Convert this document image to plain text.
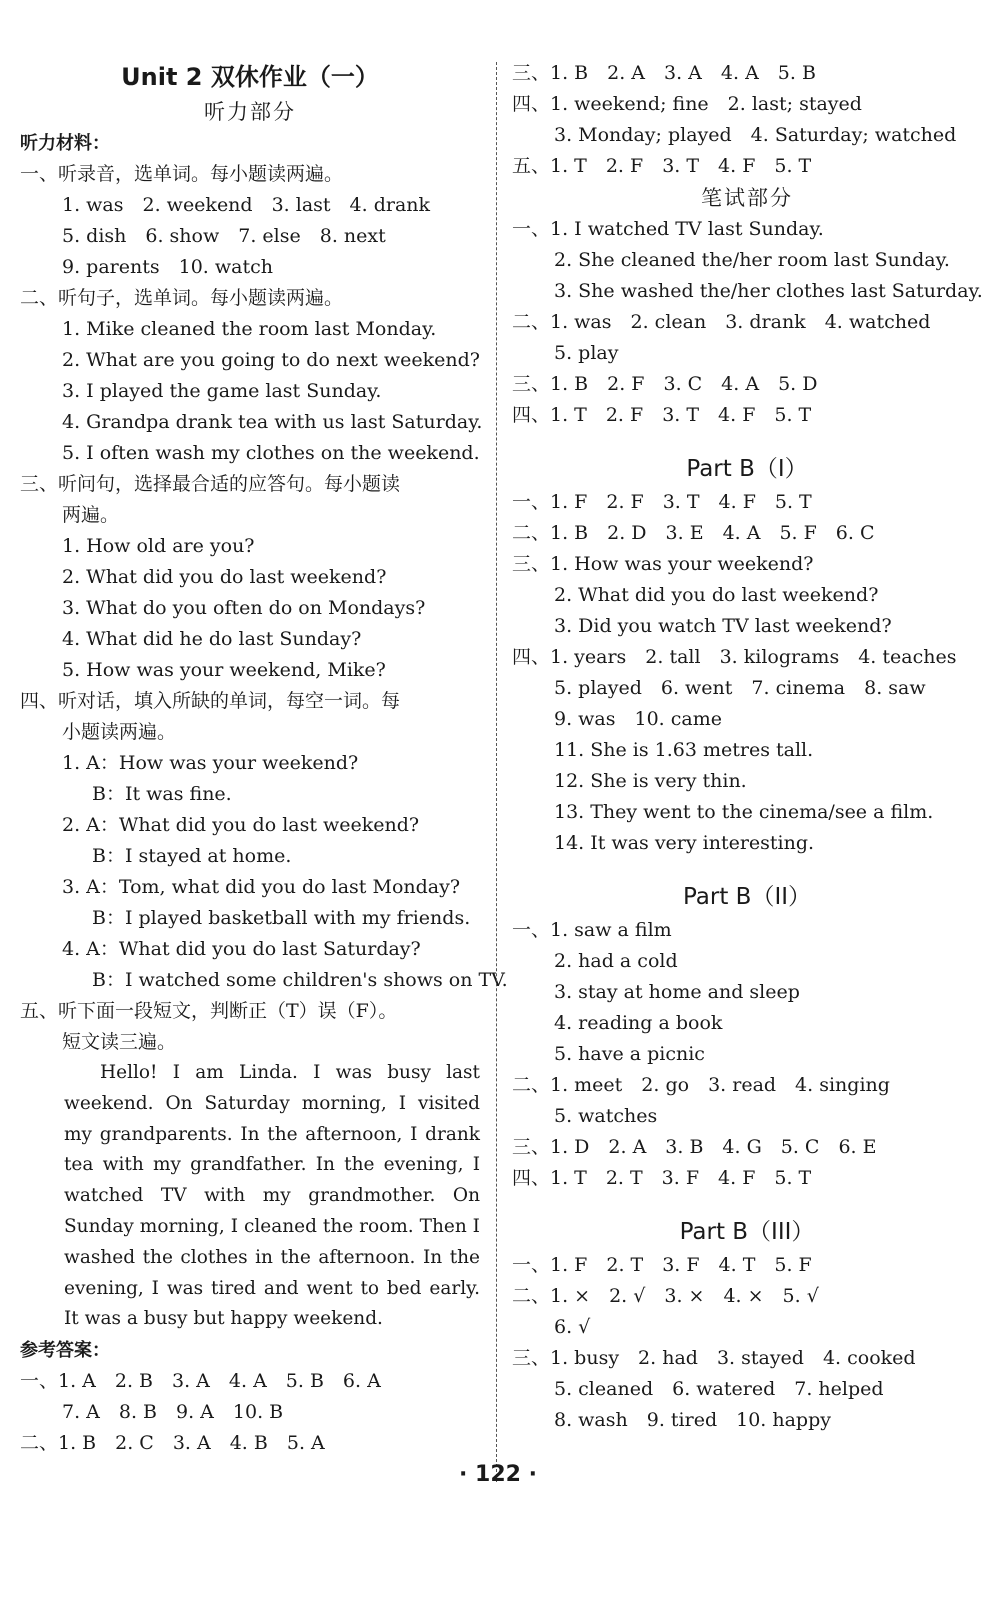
Unit 2 双休作业（一）
听力部分
听力材料：
一、听录音，选单词。每小题读两遍。
1. was　2. weekend　3. last　4. drank
5. dish　6. show　7. else　8. next
9. parents　10. watch
二、听句子，选单词。每小题读两遍。
1. Mike cleaned the room last Monday.
2. What are you going to do next weekend?
3. I played the game last Sunday.
4. Grandpa drank tea with us last Saturday.
5. I often wash my clothes on the weekend.
三、听问句，选择最合适的应答句。每小题读
两遍。
1. How old are you?
2. What did you do last weekend?
3. What do you often do on Mondays?
4. What did he do last Sunday?
5. How was your weekend, Mike?
四、听对话，填入所缺的单词，每空一词。每
小题读两遍。
1. A：How was your weekend?
B：It was fine.
2. A：What did you do last weekend?
B：I stayed at home.
3. A：Tom, what did you do last Monday?
B：I played basketball with my friends.
4. A：What did you do last Saturday?
B：I watched some children's shows on TV.
五、听下面一段短文，判断正（T）误（F）。
短文读三遍。
Hello! I am Linda. I was busy last weekend. On Saturday morning, I visited my grandparents. In the afternoon, I drank tea with my grandfather. In the evening, I watched TV with my grandmother. On Sunday morning, I cleaned the room. Then I washed the clothes in the afternoon. In the evening, I was tired and went to bed early. It was a busy but happy weekend.
参考答案：
一、1. A　2. B　3. A　4. A　5. B　6. A
7. A　8. B　9. A　10. B
二、1. B　2. C　3. A　4. B　5. A
三、1. B　2. A　3. A　4. A　5. B
四、1. weekend; fine　2. last; stayed
3. Monday; played　4. Saturday; watched
五、1. T　2. F　3. T　4. F　5. T
笔试部分
一、1. I watched TV last Sunday.
2. She cleaned the/her room last Sunday.
3. She washed the/her clothes last Saturday.
二、1. was　2. clean　3. drank　4. watched
5. play
三、1. B　2. F　3. C　4. A　5. D
四、1. T　2. F　3. T　4. F　5. T
Part B（I）
一、1. F　2. F　3. T　4. F　5. T
二、1. B　2. D　3. E　4. A　5. F　6. C
三、1. How was your weekend?
2. What did you do last weekend?
3. Did you watch TV last weekend?
四、1. years　2. tall　3. kilograms　4. teaches
5. played　6. went　7. cinema　8. saw
9. was　10. came
11. She is 1.63 metres tall.
12. She is very thin.
13. They went to the cinema/see a film.
14. It was very interesting.
Part B（II）
一、1. saw a film
2. had a cold
3. stay at home and sleep
4. reading a book
5. have a picnic
二、1. meet　2. go　3. read　4. singing
5. watches
三、1. D　2. A　3. B　4. G　5. C　6. E
四、1. T　2. T　3. F　4. F　5. T
Part B（III）
一、1. F　2. T　3. F　4. T　5. F
二、1. ×　2. √　3. ×　4. ×　5. √
6. √
三、1. busy　2. had　3. stayed　4. cooked
5. cleaned　6. watered　7. helped
8. wash　9. tired　10. happy
· 122 ·
